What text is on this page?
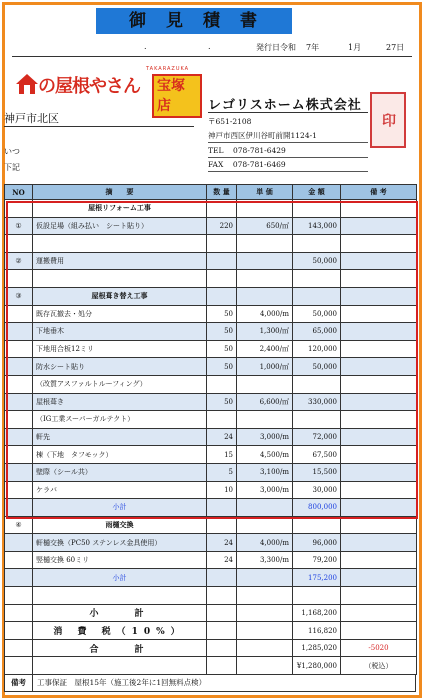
御見積書
.	.	発行日 令和 7年	1月	27日
の屋根やさん
TAKARAZUKA
宝塚店
神戸市北区
いつ
下記
レゴリスホーム株式会社
〒651-2108
神戸市西区伊川谷町前開1124-1
TEL 078-781-6429
FAX 078-781-6469
印
NO	摘　　要	数 量	単 価	金 額	備 考
	屋根リフォーム工事				
①	仮設足場（組み払い　シート貼り）	220	650/㎡	143,000	

②	運搬費用			50,000	

③	屋根葺き替え工事				
	既存瓦撤去・処分	50	4,000/m	50,000	
	下地垂木	50	1,300/㎡	65,000	
	下地用合板12ミリ	50	2,400/㎡	120,000	
	防水シート貼り	50	1,000/㎡	50,000	
	（改質アスファルトルーフィング）				
	屋根葺き	50	6,600/㎡	330,000	
	（IG工業スーパーガルテクト）				
	軒先	24	3,000/m	72,000	
	棟（下地　タフモック）	15	4,500/m	67,500	
	壁際（シール共）	5	3,100/m	15,500	
	ケラバ	10	3,000/m	30,000	
	小計			800,000	
④	雨樋交換				
	軒樋交換（PC50 ステンレス金具使用）	24	4,000/m	96,000	
	竪樋交換 60ミリ	24	3,300/m	79,200	
	小計			175,200	

	小　　計			1,168,200	
	消 費 税（10%）			116,820	
	合　　計			1,285,020	-5020
				¥1,280,000	（税込）
備考	工事保証　屋根15年（施工後2年に1回無料点検）
